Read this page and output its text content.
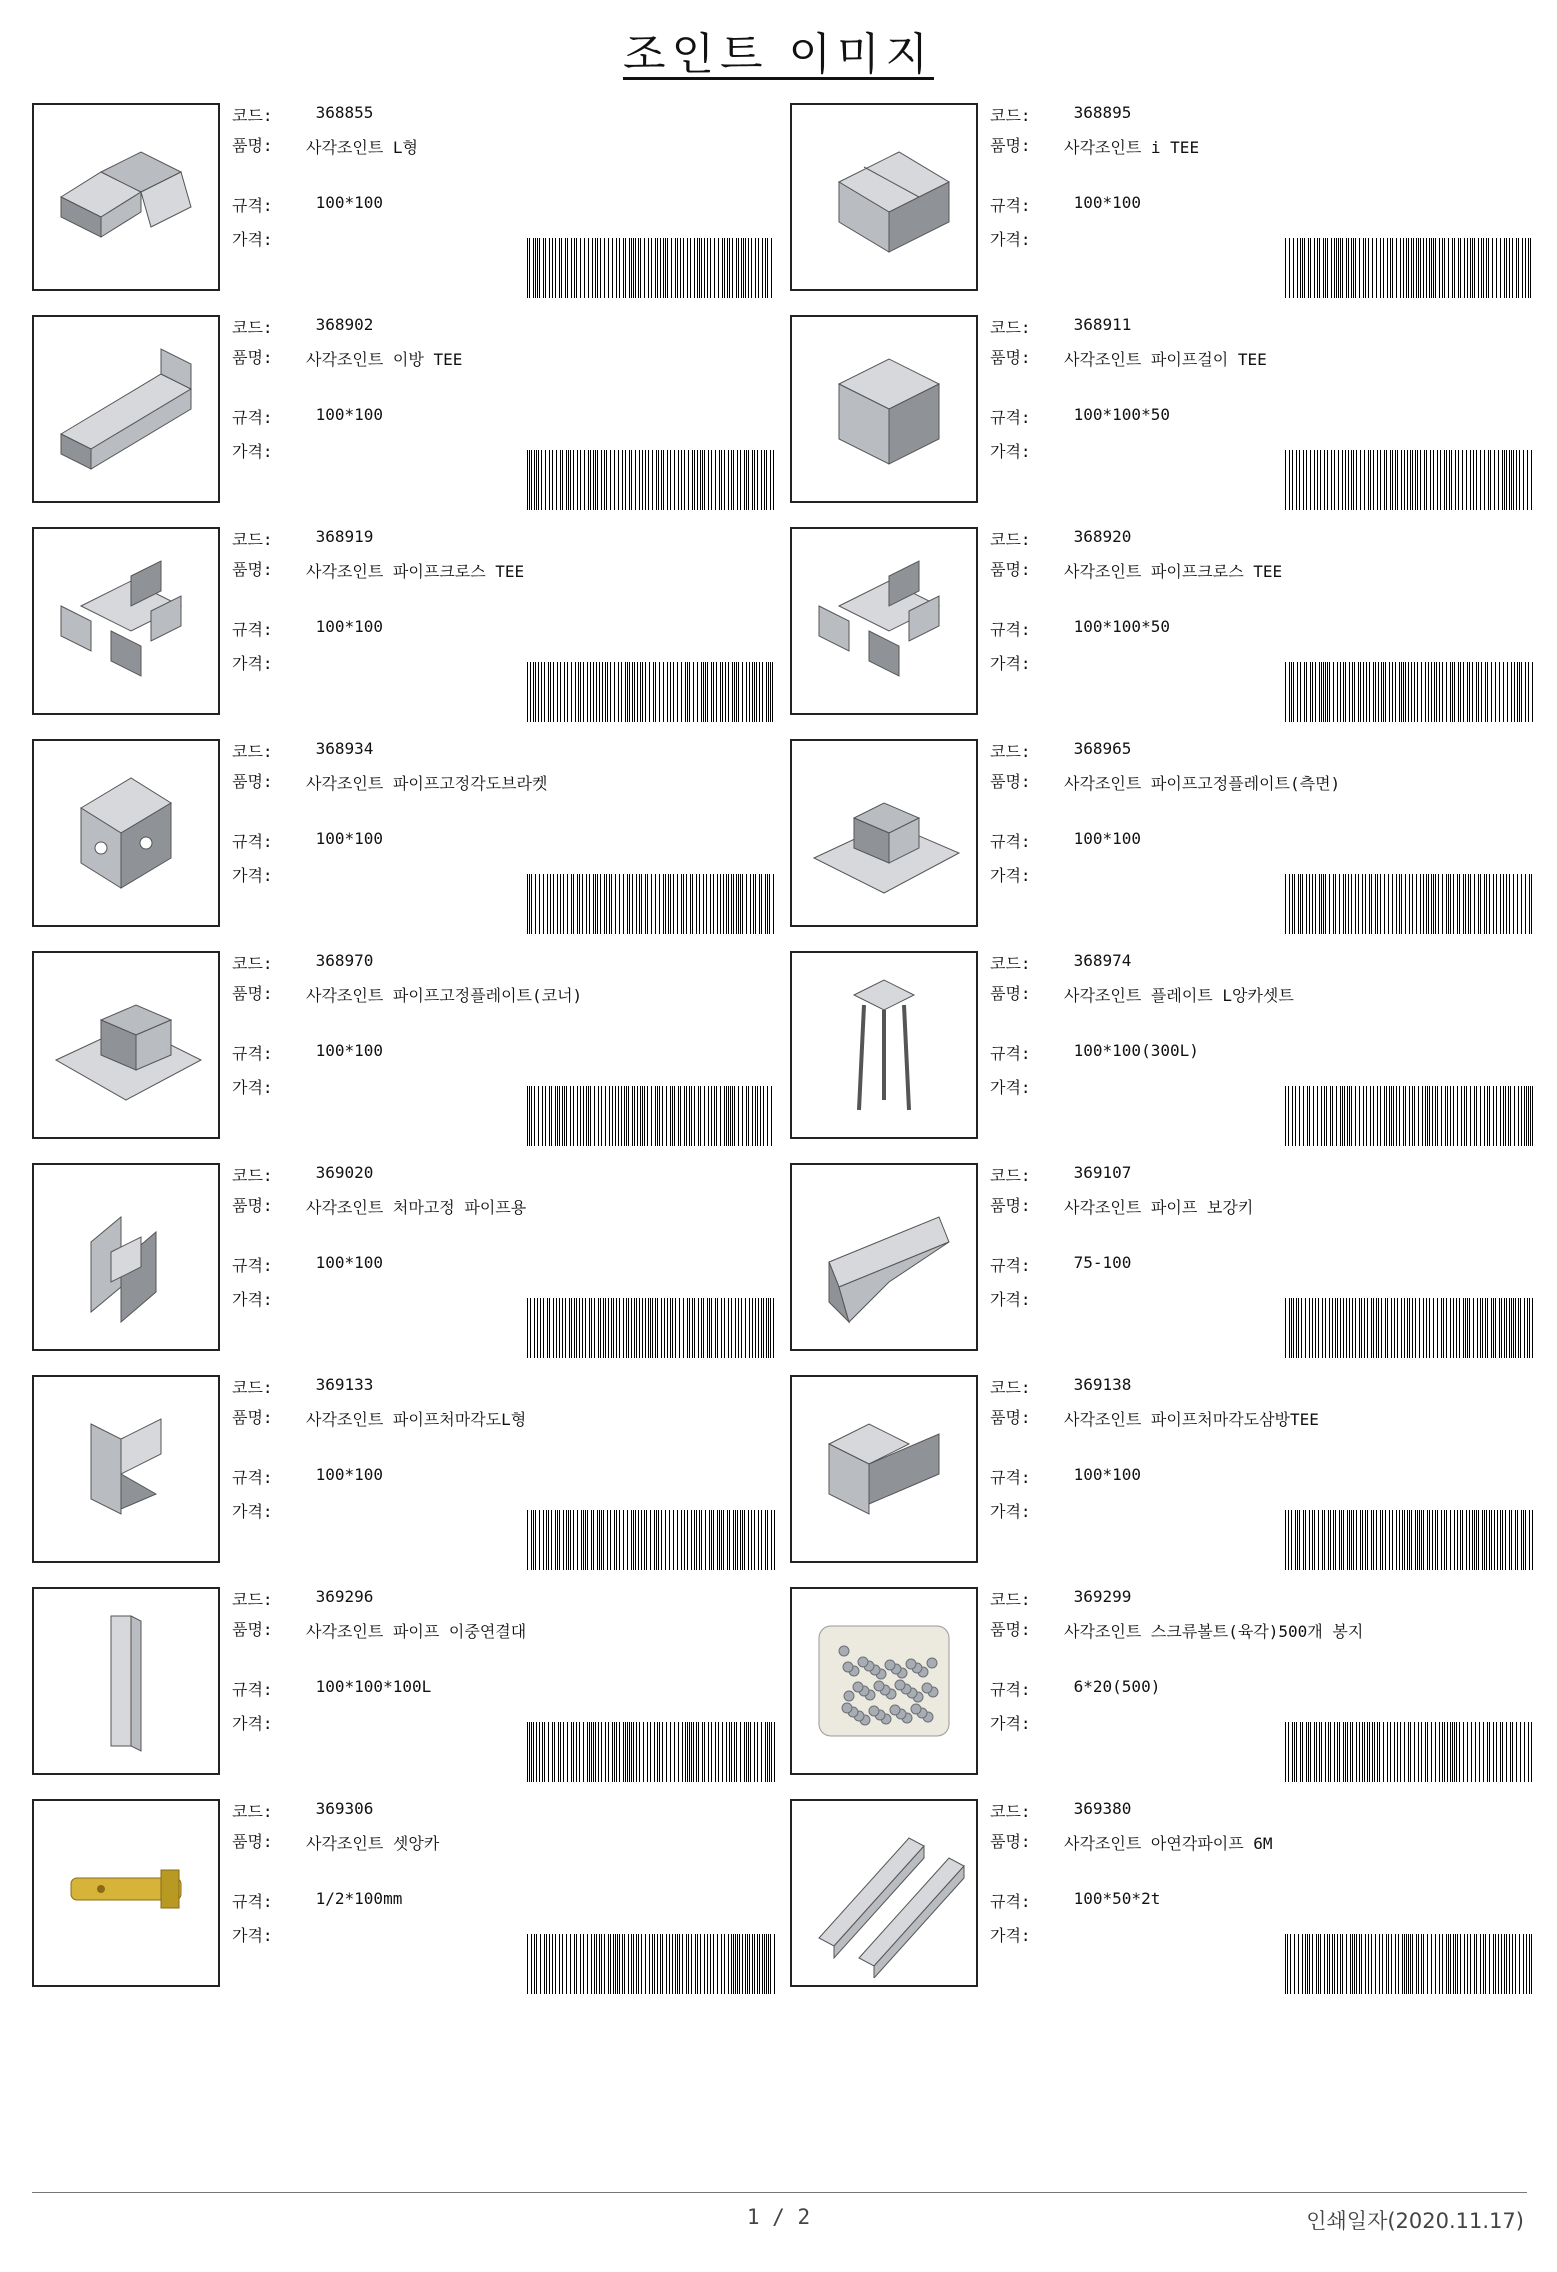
조인트 이미지
코드:	368855
품명:	사각조인트 L형
규격:	100*100
가격:
코드:	368895
품명:	사각조인트 i TEE
규격:	100*100
가격:
코드:	368902
품명:	사각조인트 이방 TEE
규격:	100*100
가격:
코드:	368911
품명:	사각조인트 파이프걸이 TEE
규격:	100*100*50
가격:
코드:	368919
품명:	사각조인트 파이프크로스 TEE
규격:	100*100
가격:
코드:	368920
품명:	사각조인트 파이프크로스 TEE
규격:	100*100*50
가격:
코드:	368934
품명:	사각조인트 파이프고정각도브라켓
규격:	100*100
가격:
코드:	368965
품명:	사각조인트 파이프고정플레이트(측면)
규격:	100*100
가격:
코드:	368970
품명:	사각조인트 파이프고정플레이트(코너)
규격:	100*100
가격:
코드:	368974
품명:	사각조인트 플레이트 L앙카셋트
규격:	100*100(300L)
가격:
코드:	369020
품명:	사각조인트 처마고정 파이프용
규격:	100*100
가격:
코드:	369107
품명:	사각조인트 파이프 보강키
규격:	75-100
가격:
코드:	369133
품명:	사각조인트 파이프처마각도L형
규격:	100*100
가격:
코드:	369138
품명:	사각조인트 파이프처마각도삼방TEE
규격:	100*100
가격:
코드:	369296
품명:	사각조인트 파이프 이중연결대
규격:	100*100*100L
가격:
코드:	369299
품명:	사각조인트 스크류볼트(육각)500개 봉지
규격:	6*20(500)
가격:
코드:	369306
품명:	사각조인트 셋앙카
규격:	1/2*100mm
가격:
코드:	369380
품명:	사각조인트 아연각파이프 6M
규격:	100*50*2t
가격:
1 / 2	인쇄일자(2020.11.17)
